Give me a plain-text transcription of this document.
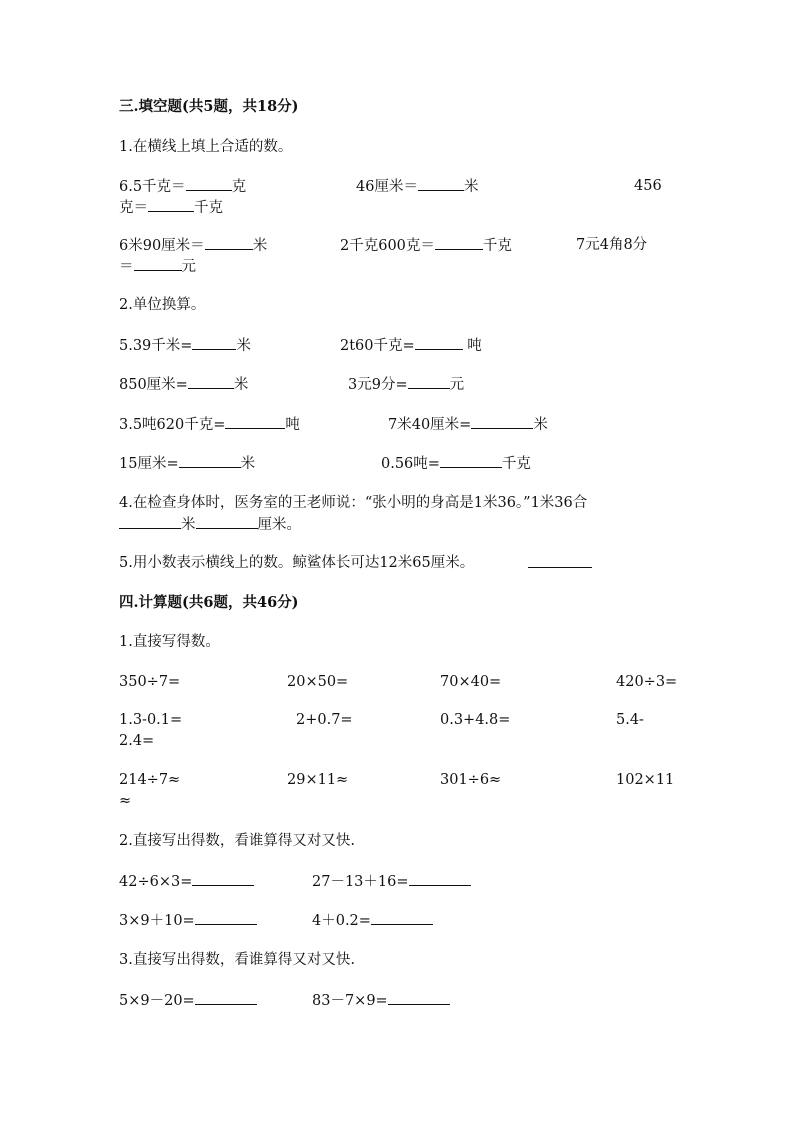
三.填空题(共5题，共18分)
1.在横线上填上合适的数。
6.5千克＝	克	46厘米＝	米	456
克＝	千克
6米90厘米＝	米	2千克600克＝	千克	7元4角8分
＝	元
2.单位换算。
5.39千米=	米	2t60千克=	吨
850厘米=	米	3元9分=	元
3.5吨620千克=	吨	7米40厘米=	米
15厘米=	米	0.56吨=	千克
4.在检查身体时，医务室的王老师说：“张小明的身高是1米36。”1米36合
米	厘米。
5.用小数表示横线上的数。鲸鲨体长可达12米65厘米。
四.计算题(共6题，共46分)
1.直接写得数。
350÷7=	20×50=	70×40=	420÷3=
1.3-0.1=	2+0.7=	0.3+4.8=	5.4-
2.4=
214÷7≈	29×11≈	301÷6≈	102×11
≈
2.直接写出得数，看谁算得又对又快.
42÷6×3=	27－13＋16=
3×9＋10=	4＋0.2=
3.直接写出得数，看谁算得又对又快.
5×9－20=	83－7×9=
